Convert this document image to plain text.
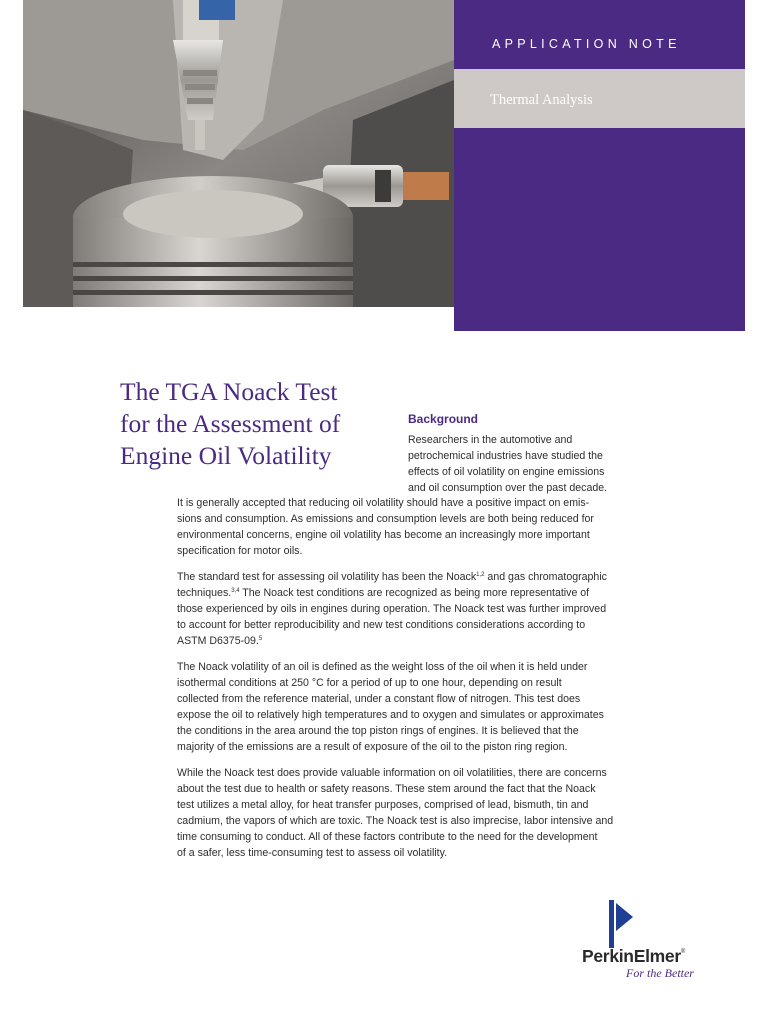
APPLICATION NOTE
Thermal Analysis
The TGA Noack Test
for the Assessment of
Engine Oil Volatility
Background
Researchers in the automotive and
petrochemical industries have studied the
effects of oil volatility on engine emissions
and oil consumption over the past decade.

It is generally accepted that reducing oil volatility should have a positive impact on emis-
sions and consumption. As emissions and consumption levels are both being reduced for
environmental concerns, engine oil volatility has become an increasingly more important
specification for motor oils.

The standard test for assessing oil volatility has been the Noack$^{1,2}$ and gas chromatographic
techniques.$^{3,4}$ The Noack test conditions are recognized as being more representative of
those experienced by oils in engines during operation. The Noack test was further improved
to account for better reproducibility and new test conditions considerations according to
ASTM D6375-09.$^5$

The Noack volatility of an oil is defined as the weight loss of the oil when it is held under
isothermal conditions at 250 °C for a period of up to one hour, depending on result
collected from the reference material, under a constant flow of nitrogen. This test does
expose the oil to relatively high temperatures and to oxygen and simulates or approximates
the conditions in the area around the top piston rings of engines. It is believed that the
majority of the emissions are a result of exposure of the oil to the piston ring region.

While the Noack test does provide valuable information on oil volatilities, there are concerns
about the test due to health or safety reasons. These stem around the fact that the Noack
test utilizes a metal alloy, for heat transfer purposes, comprised of lead, bismuth, tin and
cadmium, the vapors of which are toxic. The Noack test is also imprecise, labor intensive and
time consuming to conduct. All of these factors contribute to the need for the development
of a safer, less time-consuming test to assess oil volatility.

PerkinElmer®
For the Better
